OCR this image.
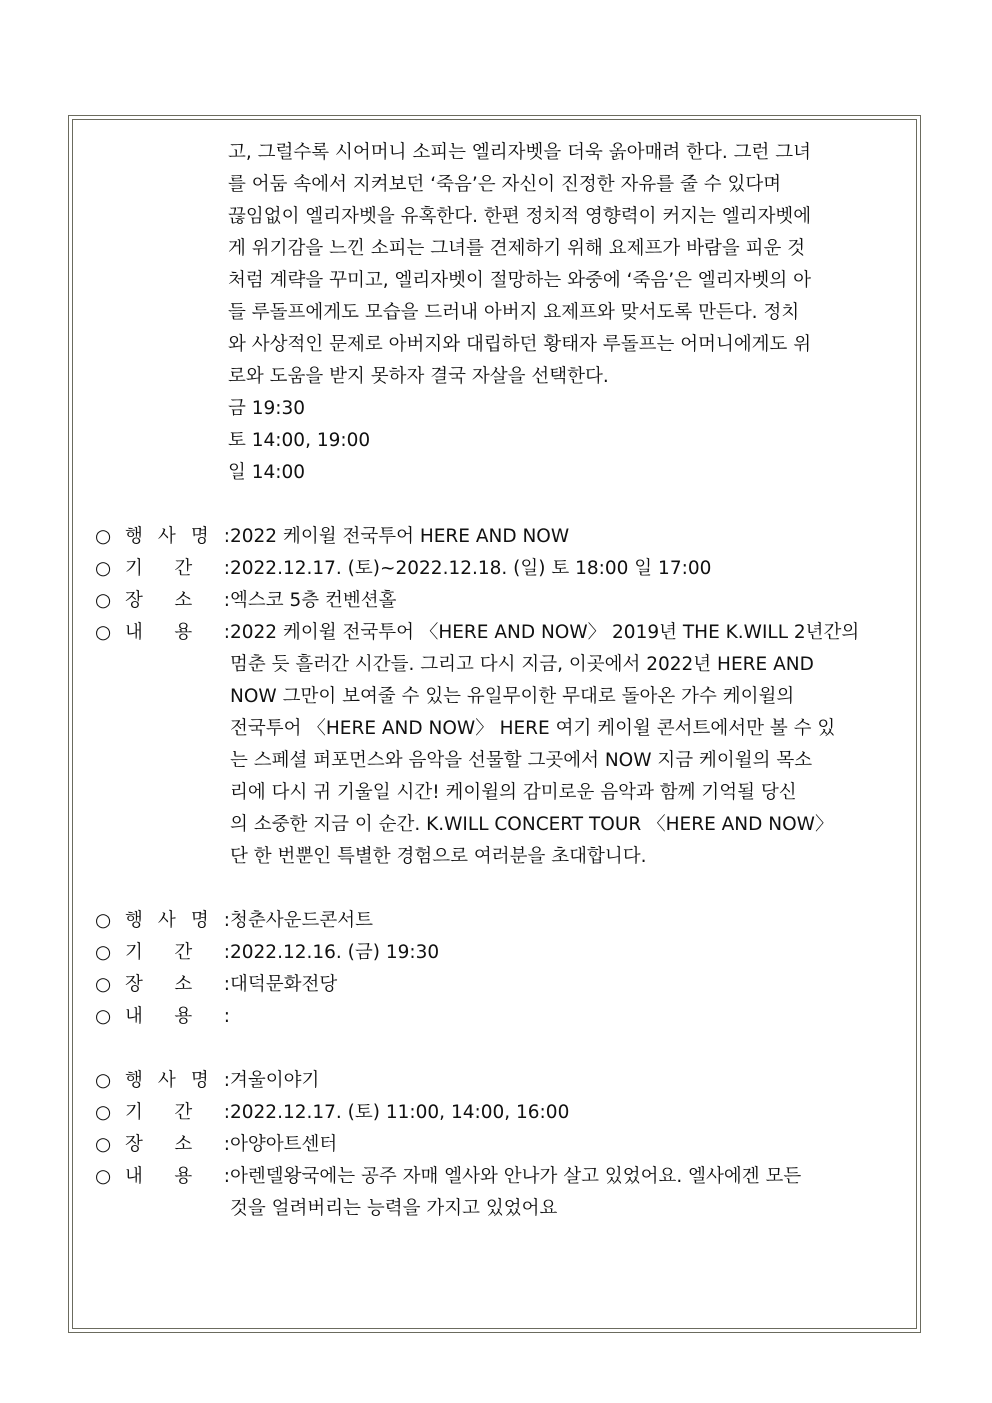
고, 그럴수록 시어머니 소피는 엘리자벳을 더욱 옭아매려 한다. 그런 그녀
를 어둠 속에서 지켜보던 ‘죽음’은 자신이 진정한 자유를 줄 수 있다며
끊임없이 엘리자벳을 유혹한다. 한편 정치적 영향력이 커지는 엘리자벳에
게 위기감을 느낀 소피는 그녀를 견제하기 위해 요제프가 바람을 피운 것
처럼 계략을 꾸미고, 엘리자벳이 절망하는 와중에 ‘죽음’은 엘리자벳의 아
들 루돌프에게도 모습을 드러내 아버지 요제프와 맞서도록 만든다. 정치
와 사상적인 문제로 아버지와 대립하던 황태자 루돌프는 어머니에게도 위
로와 도움을 받지 못하자 결국 자살을 선택한다.
금 19:30
토 14:00, 19:00
일 14:00
○ 행 사 명 : 2022 케이윌 전국투어 HERE AND NOW
○ 기 간 : 2022.12.17. (토)~2022.12.18. (일) 토 18:00 일 17:00
○ 장 소 : 엑스코 5층 컨벤션홀
○ 내 용 : 2022 케이윌 전국투어 〈HERE AND NOW〉 2019년 THE K.WILL 2년간의
멈춘 듯 흘러간 시간들. 그리고 다시 지금, 이곳에서 2022년 HERE AND
NOW 그만이 보여줄 수 있는 유일무이한 무대로 돌아온 가수 케이윌의
전국투어 〈HERE AND NOW〉 HERE 여기 케이윌 콘서트에서만 볼 수 있
는 스페셜 퍼포먼스와 음악을 선물할 그곳에서 NOW 지금 케이윌의 목소
리에 다시 귀 기울일 시간! 케이윌의 감미로운 음악과 함께 기억될 당신
의 소중한 지금 이 순간. K.WILL CONCERT TOUR 〈HERE AND NOW〉
단 한 번뿐인 특별한 경험으로 여러분을 초대합니다.
○ 행 사 명 : 청춘사운드콘서트
○ 기 간 : 2022.12.16. (금) 19:30
○ 장 소 : 대덕문화전당
○ 내 용 :
○ 행 사 명 : 겨울이야기
○ 기 간 : 2022.12.17. (토) 11:00, 14:00, 16:00
○ 장 소 : 아양아트센터
○ 내 용 : 아렌델왕국에는 공주 자매 엘사와 안나가 살고 있었어요. 엘사에겐 모든
것을 얼려버리는 능력을 가지고 있었어요
